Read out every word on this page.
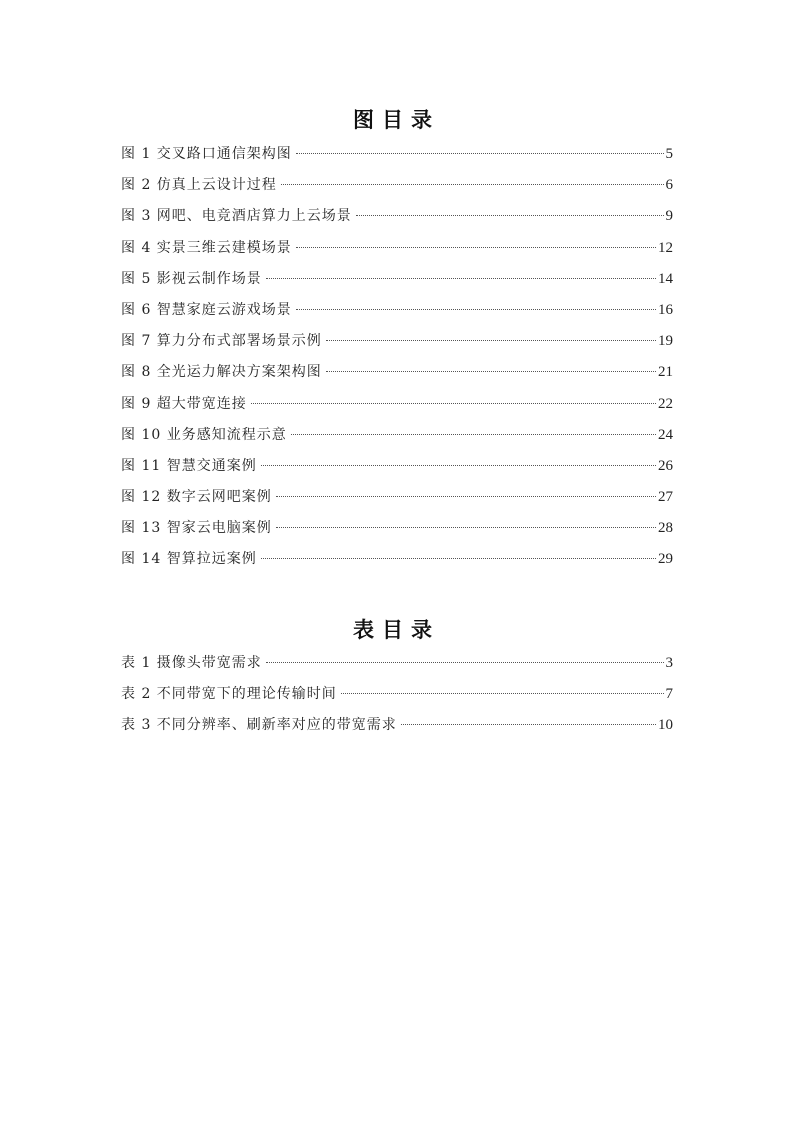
图目录
图 1 交叉路口通信架构图	5
图 2 仿真上云设计过程	6
图 3 网吧、电竞酒店算力上云场景	9
图 4 实景三维云建模场景	12
图 5 影视云制作场景	14
图 6 智慧家庭云游戏场景	16
图 7 算力分布式部署场景示例	19
图 8 全光运力解决方案架构图	21
图 9 超大带宽连接	22
图 10 业务感知流程示意	24
图 11 智慧交通案例	26
图 12 数字云网吧案例	27
图 13 智家云电脑案例	28
图 14 智算拉远案例	29
表目录
表 1 摄像头带宽需求	3
表 2 不同带宽下的理论传输时间	7
表 3 不同分辨率、刷新率对应的带宽需求	10
